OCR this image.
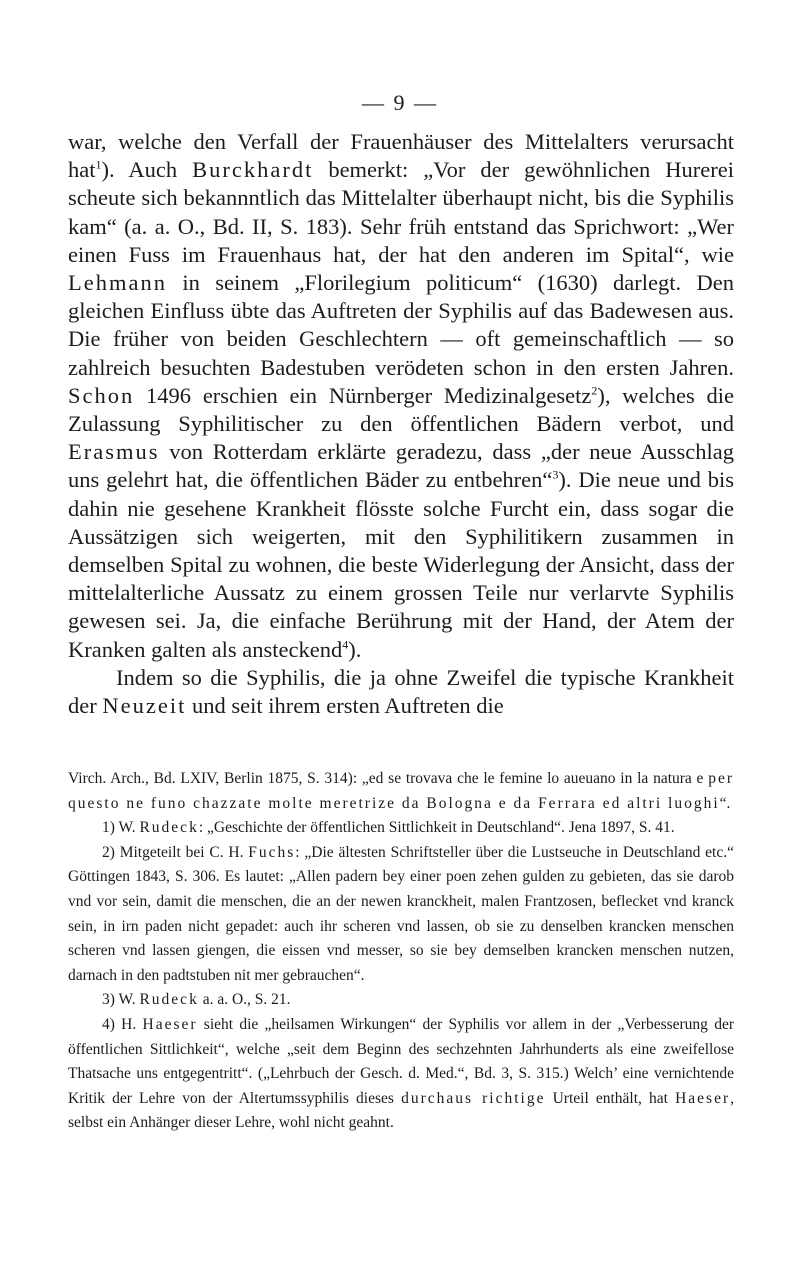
— 9 —

war, welche den Verfall der Frauenhäuser des Mittelalters verursacht hat$^1$). Auch Burckhardt bemerkt: „Vor der gewöhnlichen Hurerei scheute sich bekannntlich das Mittelalter überhaupt nicht, bis die Syphilis kam“ (a. a. O., Bd. II, S. 183). Sehr früh entstand das Sprichwort: „Wer einen Fuss im Frauenhaus hat, der hat den anderen im Spital“, wie Lehmann in seinem „Florilegium politicum“ (1630) darlegt. Den gleichen Einfluss übte das Auftreten der Syphilis auf das Badewesen aus. Die früher von beiden Geschlechtern — oft gemeinschaftlich — so zahlreich besuchten Badestuben verödeten schon in den ersten Jahren. Schon 1496 erschien ein Nürnberger Medizinalgesetz$^2$), welches die Zulassung Syphilitischer zu den öffentlichen Bädern verbot, und Erasmus von Rotterdam erklärte geradezu, dass „der neue Ausschlag uns gelehrt hat, die öffentlichen Bäder zu entbehren“$^3$). Die neue und bis dahin nie gesehene Krankheit flösste solche Furcht ein, dass sogar die Aussätzigen sich weigerten, mit den Syphilitikern zusammen in demselben Spital zu wohnen, die beste Widerlegung der Ansicht, dass der mittelalterliche Aussatz zu einem grossen Teile nur verlarvte Syphilis gewesen sei. Ja, die einfache Berührung mit der Hand, der Atem der Kranken galten als ansteckend$^4$).

Indem so die Syphilis, die ja ohne Zweifel die typische Krankheit der Neuzeit und seit ihrem ersten Auftreten die

Virch. Arch., Bd. LXIV, Berlin 1875, S. 314): „ed se trovava che le femine lo aueuano in la natura e per questo ne funo chazzate molte meretrize da Bologna e da Ferrara ed altri luoghi“.

1) W. Rudeck: „Geschichte der öffentlichen Sittlichkeit in Deutschland“. Jena 1897, S. 41.

2) Mitgeteilt bei C. H. Fuchs: „Die ältesten Schriftsteller über die Lustseuche in Deutschland etc.“ Göttingen 1843, S. 306. Es lautet: „Allen padern bey einer poen zehen gulden zu gebieten, das sie darob vnd vor sein, damit die menschen, die an der newen kranckheit, malen Frantzosen, beflecket vnd kranck sein, in irn paden nicht gepadet: auch ihr scheren vnd lassen, ob sie zu denselben krancken menschen scheren vnd lassen giengen, die eissen vnd messer, so sie bey demselben krancken menschen nutzen, darnach in den padtstuben nit mer gebrauchen“.

3) W. Rudeck a. a. O., S. 21.

4) H. Haeser sieht die „heilsamen Wirkungen“ der Syphilis vor allem in der „Verbesserung der öffentlichen Sittlichkeit“, welche „seit dem Beginn des sechzehnten Jahrhunderts als eine zweifellose Thatsache uns entgegentritt“. („Lehrbuch der Gesch. d. Med.“, Bd. 3, S. 315.) Welch’ eine vernichtende Kritik der Lehre von der Altertumssyphilis dieses durchaus richtige Urteil enthält, hat Haeser, selbst ein Anhänger dieser Lehre, wohl nicht geahnt.
